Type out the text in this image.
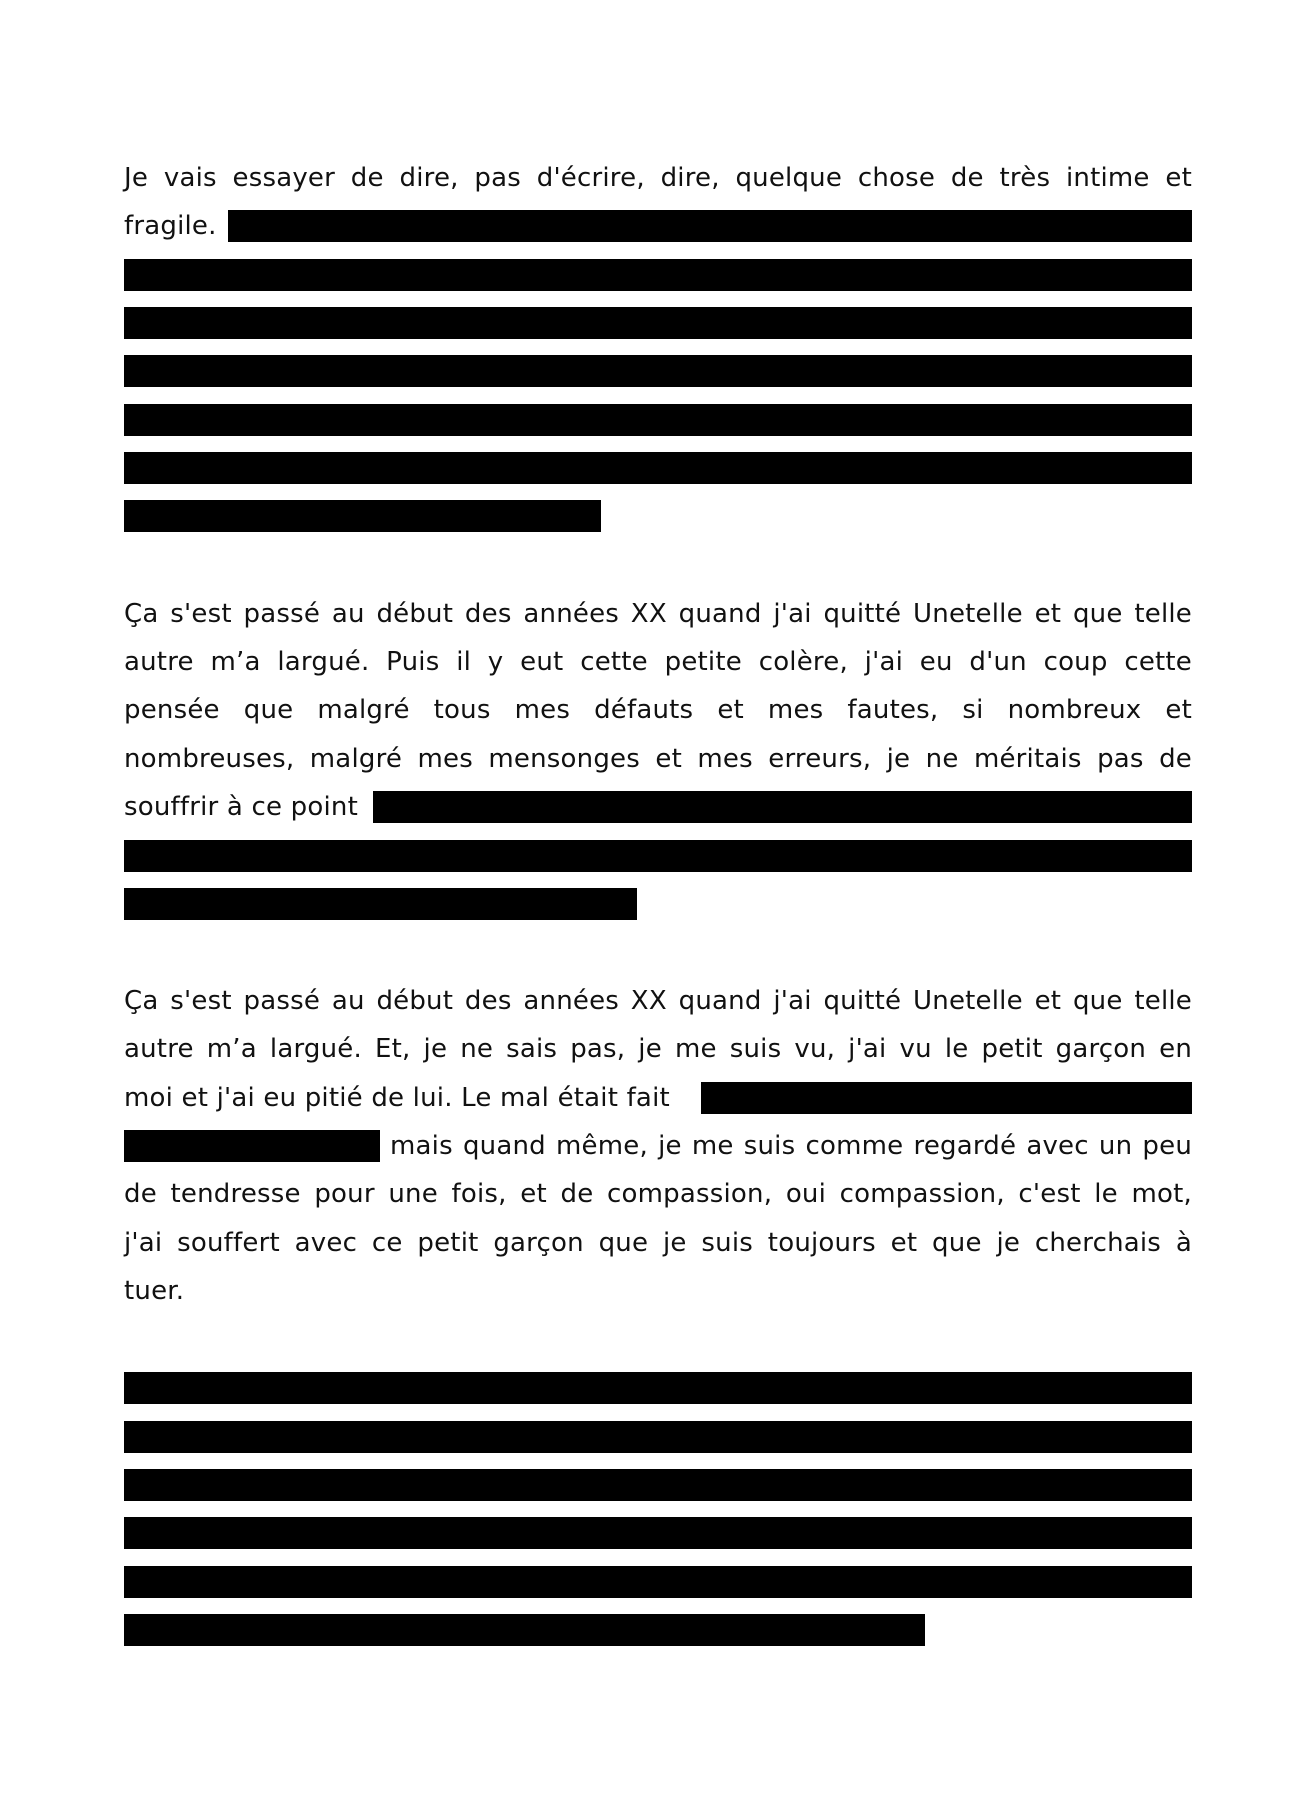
Je vais essayer de dire, pas d'écrire, dire, quelque chose de très intime et
fragile.
Ça s'est passé au début des années XX quand j'ai quitté Unetelle et que telle
autre m’a largué. Puis il y eut cette petite colère, j'ai eu d'un coup cette
pensée que malgré tous mes défauts et mes fautes, si nombreux et
nombreuses, malgré mes mensonges et mes erreurs, je ne méritais pas de
souffrir à ce point
Ça s'est passé au début des années XX quand j'ai quitté Unetelle et que telle
autre m’a largué. Et, je ne sais pas, je me suis vu, j'ai vu le petit garçon en
moi et j'ai eu pitié de lui. Le mal était fait
mais quand même, je me suis comme regardé avec un peu
de tendresse pour une fois, et de compassion, oui compassion, c'est le mot,
j'ai souffert avec ce petit garçon que je suis toujours et que je cherchais à
tuer.
